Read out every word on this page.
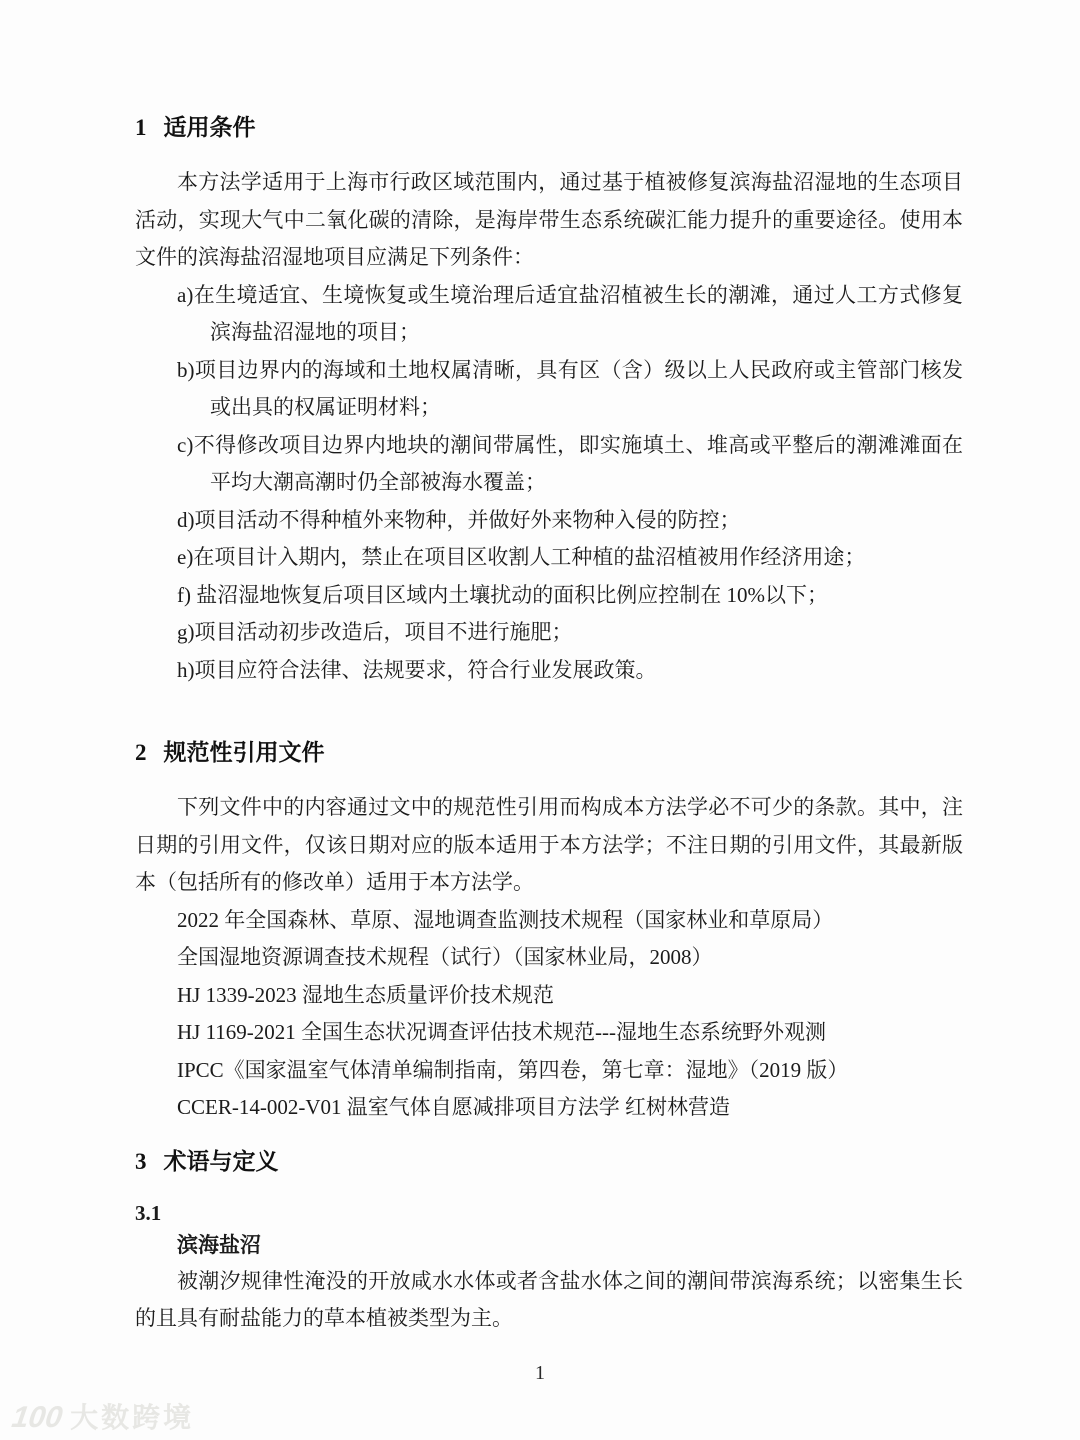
1 适用条件

本方法学适用于上海市行政区域范围内，通过基于植被修复滨海盐沼湿地的生态项目活动，实现大气中二氧化碳的清除，是海岸带生态系统碳汇能力提升的重要途径。使用本文件的滨海盐沼湿地项目应满足下列条件：

a)在生境适宜、生境恢复或生境治理后适宜盐沼植被生长的潮滩，通过人工方式修复滨海盐沼湿地的项目；
b)项目边界内的海域和土地权属清晰，具有区（含）级以上人民政府或主管部门核发或出具的权属证明材料；
c)不得修改项目边界内地块的潮间带属性，即实施填土、堆高或平整后的潮滩滩面在平均大潮高潮时仍全部被海水覆盖；
d)项目活动不得种植外来物种，并做好外来物种入侵的防控；
e)在项目计入期内，禁止在项目区收割人工种植的盐沼植被用作经济用途；
f) 盐沼湿地恢复后项目区域内土壤扰动的面积比例应控制在 10%以下；
g)项目活动初步改造后，项目不进行施肥；
h)项目应符合法律、法规要求，符合行业发展政策。
2 规范性引用文件

下列文件中的内容通过文中的规范性引用而构成本方法学必不可少的条款。其中，注日期的引用文件，仅该日期对应的版本适用于本方法学；不注日期的引用文件，其最新版本（包括所有的修改单）适用于本方法学。

2022 年全国森林、草原、湿地调查监测技术规程（国家林业和草原局）
全国湿地资源调查技术规程（试行）（国家林业局，2008）
HJ 1339-2023 湿地生态质量评价技术规范
HJ 1169-2021 全国生态状况调查评估技术规范---湿地生态系统野外观测
IPCC《国家温室气体清单编制指南，第四卷，第七章：湿地》（2019 版）
CCER-14-002-V01 温室气体自愿减排项目方法学 红树林营造
3 术语与定义
3.1
滨海盐沼

被潮汐规律性淹没的开放咸水水体或者含盐水体之间的潮间带滨海系统；以密集生长的且具有耐盐能力的草本植被类型为主。

1
100 大数跨境
